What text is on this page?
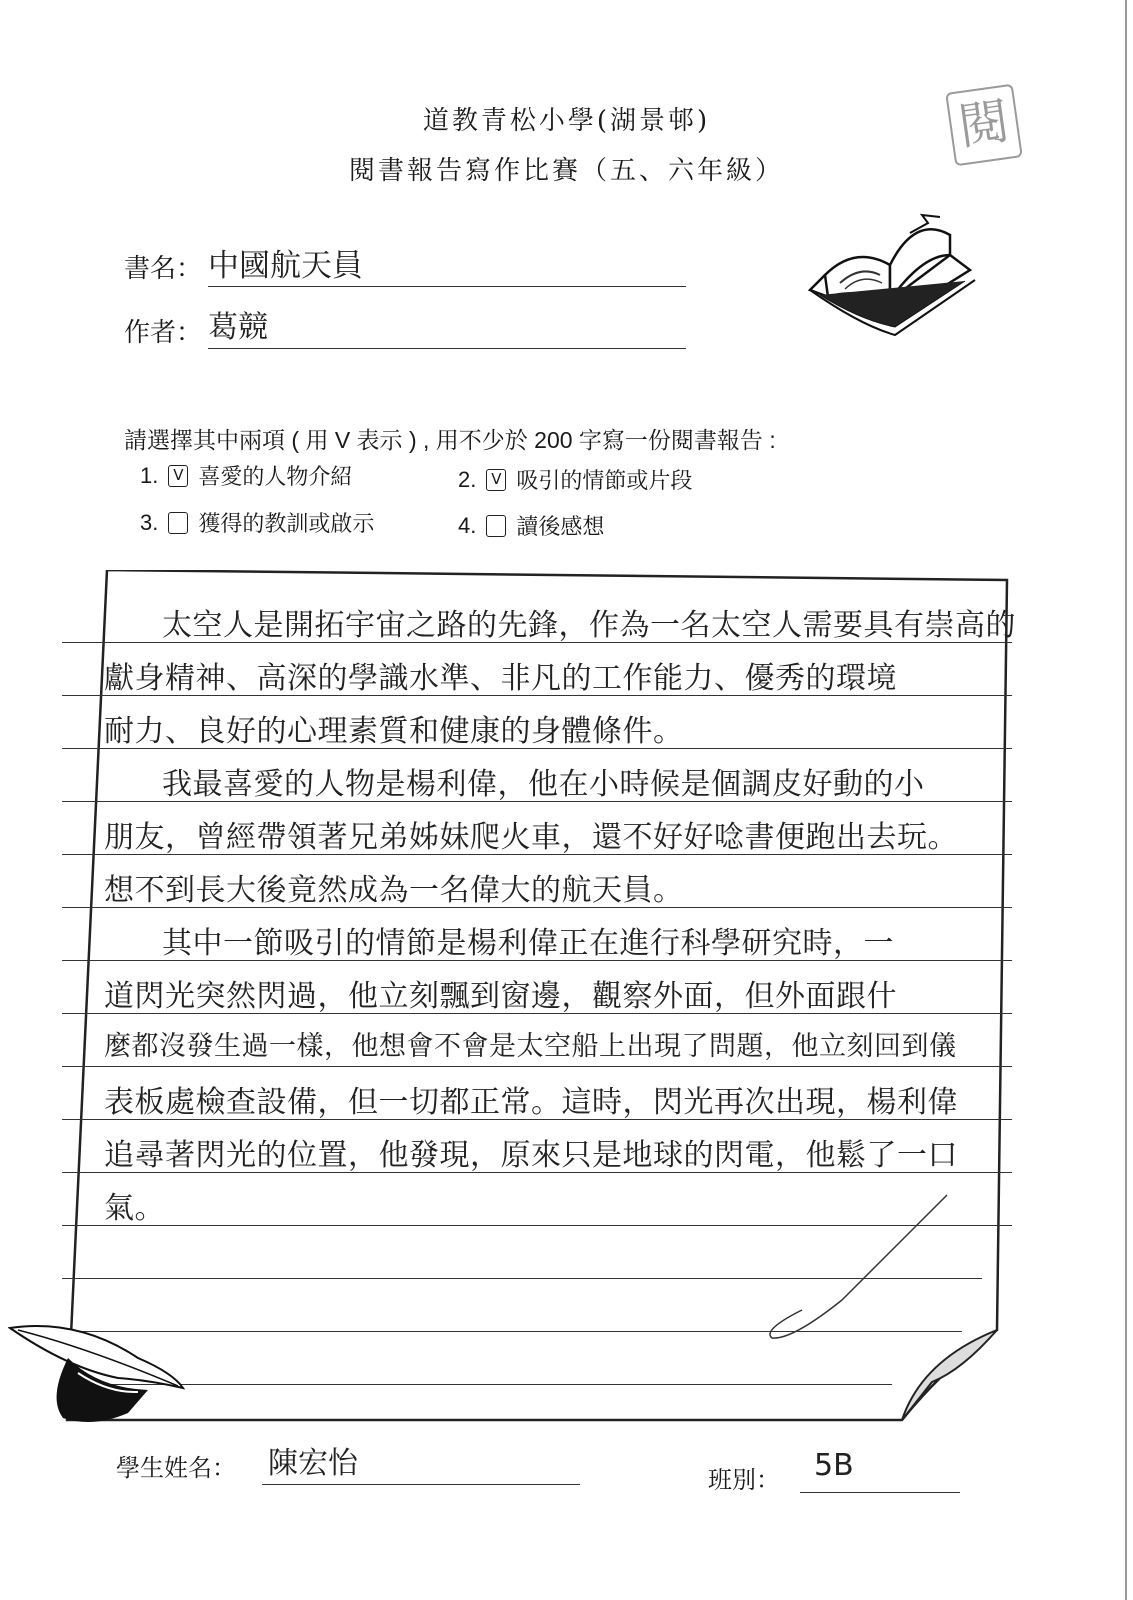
道教青松小學(湖景邨)
閱書報告寫作比賽（五、六年級）
閱
書名： 中國航天員
作者： 葛競
請選擇其中兩項 ( 用 V 表示 ) , 用不少於 200 字寫一份閱書報告 :
1. V 喜愛的人物介紹	2. V 吸引的情節或片段
3. 獲得的教訓或啟示	4. 讀後感想
太空人是開拓宇宙之路的先鋒，作為一名太空人需要具有崇高的
獻身精神、高深的學識水準、非凡的工作能力、優秀的環境
耐力、良好的心理素質和健康的身體條件。
我最喜愛的人物是楊利偉，他在小時候是個調皮好動的小
朋友，曾經帶領著兄弟姊妹爬火車，還不好好唸書便跑出去玩。
想不到長大後竟然成為一名偉大的航天員。
其中一節吸引的情節是楊利偉正在進行科學研究時，一
道閃光突然閃過，他立刻飄到窗邊，觀察外面，但外面跟什
麼都沒發生過一樣，他想會不會是太空船上出現了問題，他立刻回到儀
表板處檢查設備，但一切都正常。這時，閃光再次出現，楊利偉
追尋著閃光的位置，他發現，原來只是地球的閃電，他鬆了一口
氣。
學生姓名： 陳宏怡	班別：	5B
